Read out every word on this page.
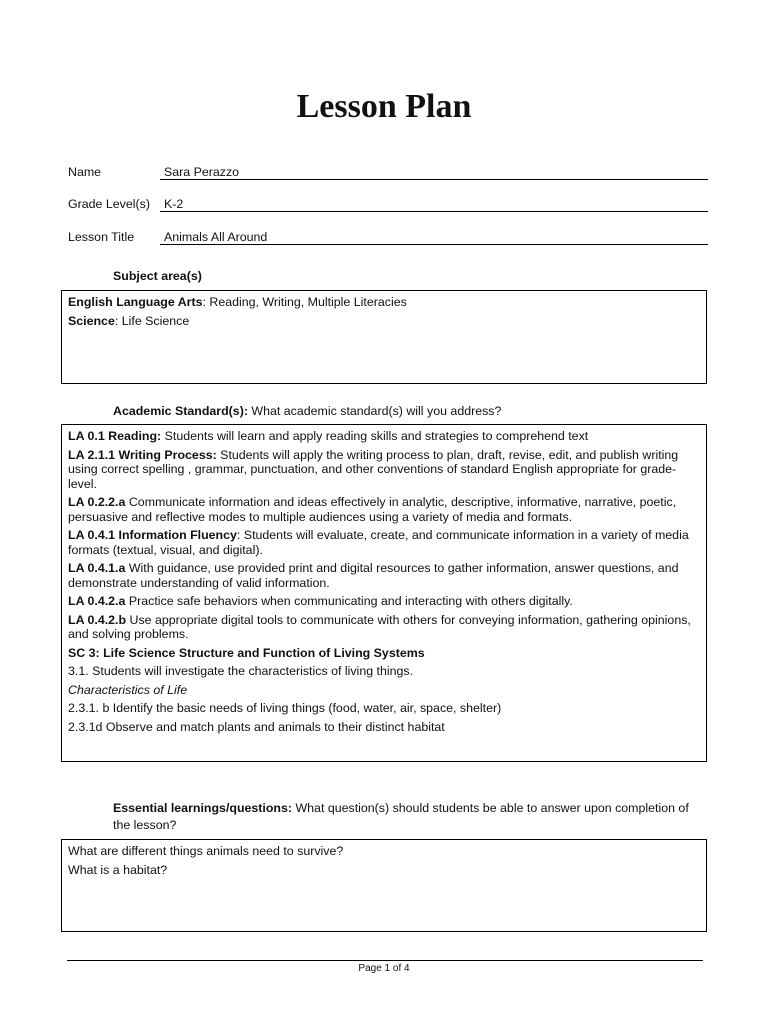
Lesson Plan
Name	Sara Perazzo
Grade Level(s)	K-2
Lesson Title	Animals All Around
Subject area(s)

English Language Arts: Reading, Writing, Multiple Literacies

Science: Life Science

Academic Standard(s): What academic standard(s) will you address?

LA 0.1 Reading: Students will learn and apply reading skills and strategies to comprehend text

LA 2.1.1 Writing Process: Students will apply the writing process to plan, draft, revise, edit, and publish writing using correct spelling , grammar, punctuation, and other conventions of standard English appropriate for grade-level.

LA 0.2.2.a Communicate information and ideas effectively in analytic, descriptive, informative, narrative, poetic, persuasive and reflective modes to multiple audiences using a variety of media and formats.

LA 0.4.1 Information Fluency: Students will evaluate, create, and communicate information in a variety of media formats (textual, visual, and digital).

LA 0.4.1.a With guidance, use provided print and digital resources to gather information, answer questions, and demonstrate understanding of valid information.

LA 0.4.2.a Practice safe behaviors when communicating and interacting with others digitally.

LA 0.4.2.b Use appropriate digital tools to communicate with others for conveying information, gathering opinions, and solving problems.

SC 3: Life Science Structure and Function of Living Systems

3.1. Students will investigate the characteristics of living things.

Characteristics of Life

2.3.1. b Identify the basic needs of living things (food, water, air, space, shelter)

2.3.1d Observe and match plants and animals to their distinct habitat

Essential learnings/questions: What question(s) should students be able to answer upon completion of the lesson?

What are different things animals need to survive?

What is a habitat?

Page 1 of 4
